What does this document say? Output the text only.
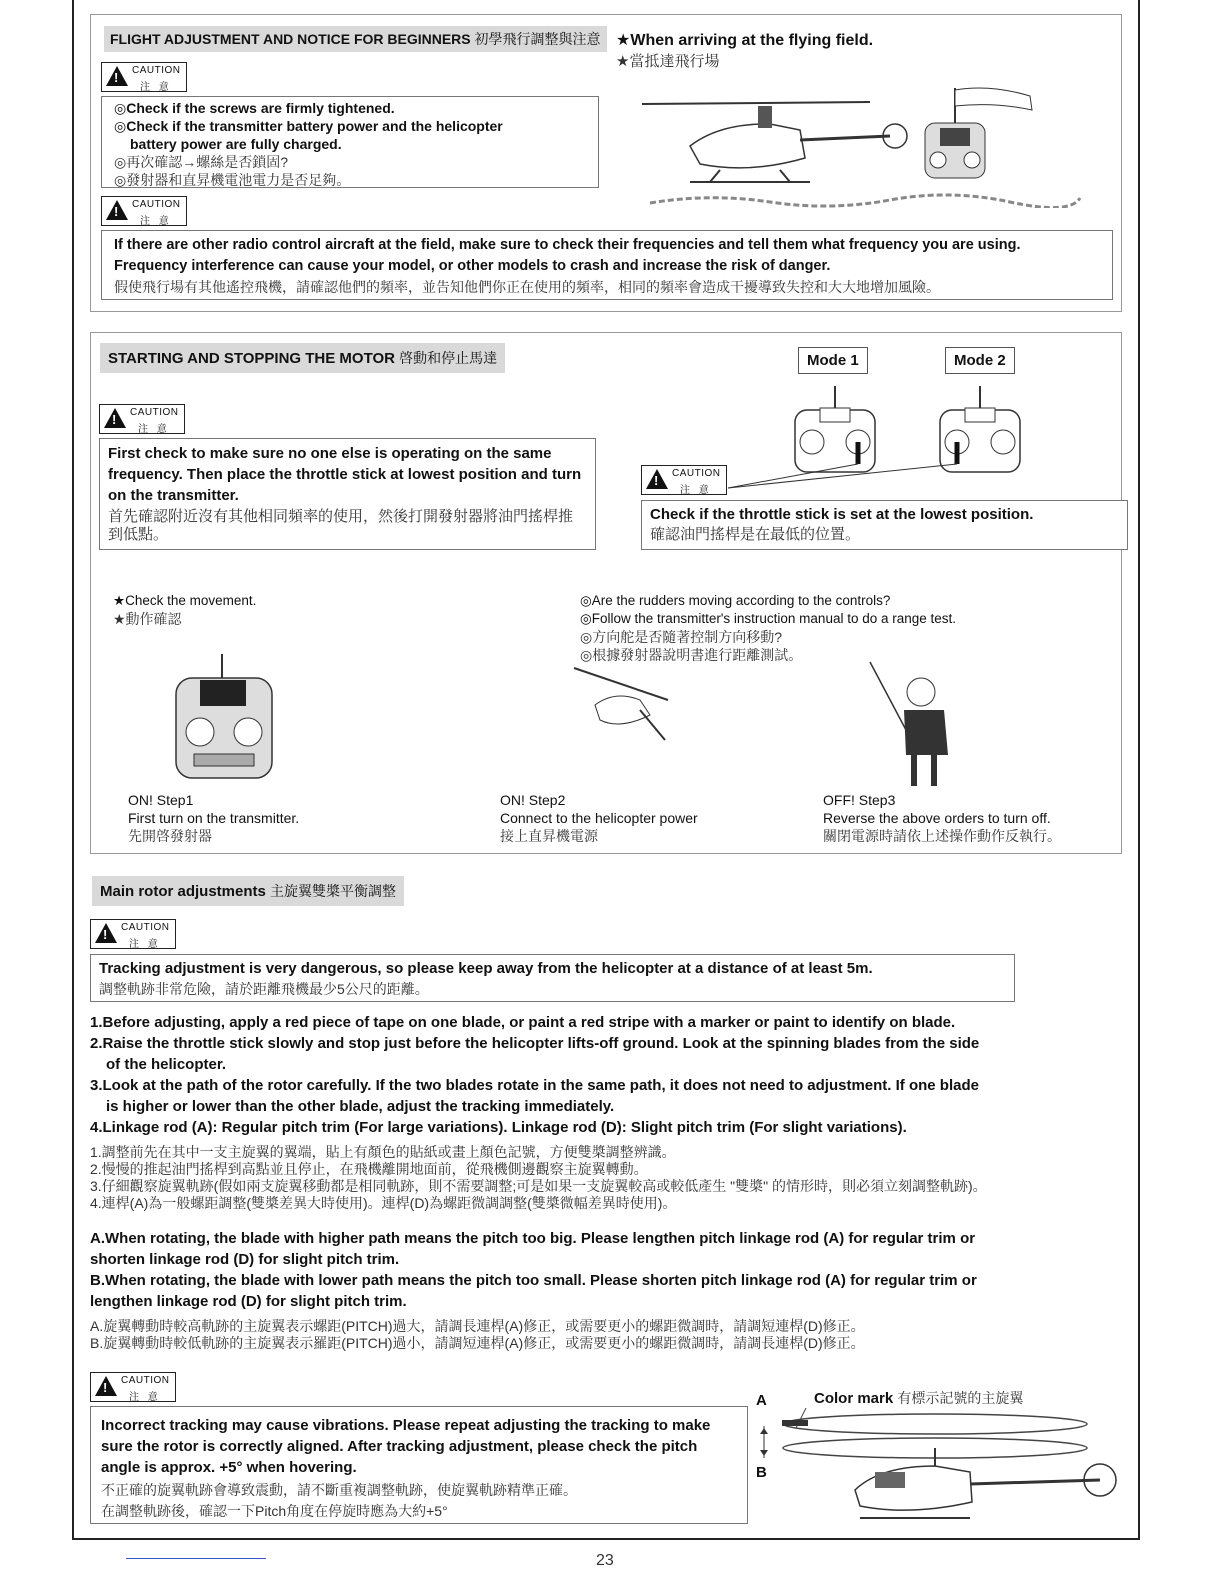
FLIGHT ADJUSTMENT AND NOTICE FOR BEGINNERS 初學飛行調整與注意
!
CAUTION
注 意
◎Check if the screws are firmly tightened.
◎Check if the transmitter battery power and the helicopter
battery power are fully charged.
◎再次確認→螺絲是否鎖固?
◎發射器和直昇機電池電力是否足夠。
★When arriving at the flying field.
★當抵達飛行場
!
CAUTION
注 意
If there are other radio control aircraft at the field, make sure to check their frequencies and tell them what frequency you are using.
Frequency interference can cause your model, or other models to crash and increase the risk of danger.
假使飛行場有其他遙控飛機，請確認他們的頻率，並告知他們你正在使用的頻率，相同的頻率會造成干擾導致失控和大大地增加風險。
STARTING AND STOPPING THE MOTOR 啓動和停止馬達	Mode 1	Mode 2
!
CAUTION
注 意
First check to make sure no one else is operating on the same frequency. Then place the throttle stick at lowest position and turn on the transmitter.
首先確認附近沒有其他相同頻率的使用，然後打開發射器將油門搖桿推到低點。
!
CAUTION
注 意
Check if the throttle stick is set at the lowest position.
確認油門搖桿是在最低的位置。
★Check the movement.
★動作確認
◎Are the rudders moving according to the controls?
◎Follow the transmitter's instruction manual to do a range test.
◎方向舵是否隨著控制方向移動?
◎根據發射器說明書進行距離測試。
ON! Step1
First turn on the transmitter.
先開啓發射器
ON! Step2
Connect to the helicopter power
接上直昇機電源
OFF! Step3
Reverse the above orders to turn off.
關閉電源時請依上述操作動作反執行。
Main rotor adjustments 主旋翼雙槳平衡調整
!
CAUTION
注 意
Tracking adjustment is very dangerous, so please keep away from the helicopter at a distance of at least 5m.
調整軌跡非常危險，請於距離飛機最少5公尺的距離。
1.Before adjusting, apply a red piece of tape on one blade, or paint a red stripe with a marker or paint to identify on blade.
2.Raise the throttle stick slowly and stop just before the helicopter lifts-off ground. Look at the spinning blades from the side
of the helicopter.
3.Look at the path of the rotor carefully. If the two blades rotate in the same path, it does not need to adjustment. If one blade
is higher or lower than the other blade, adjust the tracking immediately.
4.Linkage rod (A): Regular pitch trim (For large variations). Linkage rod (D): Slight pitch trim (For slight variations).
1.調整前先在其中一支主旋翼的翼端，貼上有顏色的貼紙或畫上顏色記號，方便雙槳調整辨識。
2.慢慢的推起油門搖桿到高點並且停止，在飛機離開地面前，從飛機側邊觀察主旋翼轉動。
3.仔細觀察旋翼軌跡(假如兩支旋翼移動都是相同軌跡，則不需要調整;可是如果一支旋翼較高或較低產生 "雙槳" 的情形時，則必須立刻調整軌跡)。
4.連桿(A)為一般螺距調整(雙槳差異大時使用)。連桿(D)為螺距微調調整(雙槳微幅差異時使用)。
A.When rotating, the blade with higher path means the pitch too big. Please lengthen pitch linkage rod (A) for regular trim or
shorten linkage rod (D) for slight pitch trim.
B.When rotating, the blade with lower path means the pitch too small. Please shorten pitch linkage rod (A) for regular trim or
lengthen linkage rod (D) for slight pitch trim.
A.旋翼轉動時較高軌跡的主旋翼表示螺距(PITCH)過大，請調長連桿(A)修正，或需要更小的螺距微調時，請調短連桿(D)修正。
B.旋翼轉動時較低軌跡的主旋翼表示羅距(PITCH)過小，請調短連桿(A)修正，或需要更小的螺距微調時，請調長連桿(D)修正。
!
CAUTION
注 意
Incorrect tracking may cause vibrations. Please repeat adjusting the tracking to make sure the rotor is correctly aligned. After tracking adjustment, please check the pitch angle is approx. +5° when hovering.
不正確的旋翼軌跡會導致震動，請不斷重複調整軌跡，使旋翼軌跡精準正確。
在調整軌跡後，確認一下Pitch角度在停旋時應為大約+5°
A
B
Color mark 有標示記號的主旋翼
23
